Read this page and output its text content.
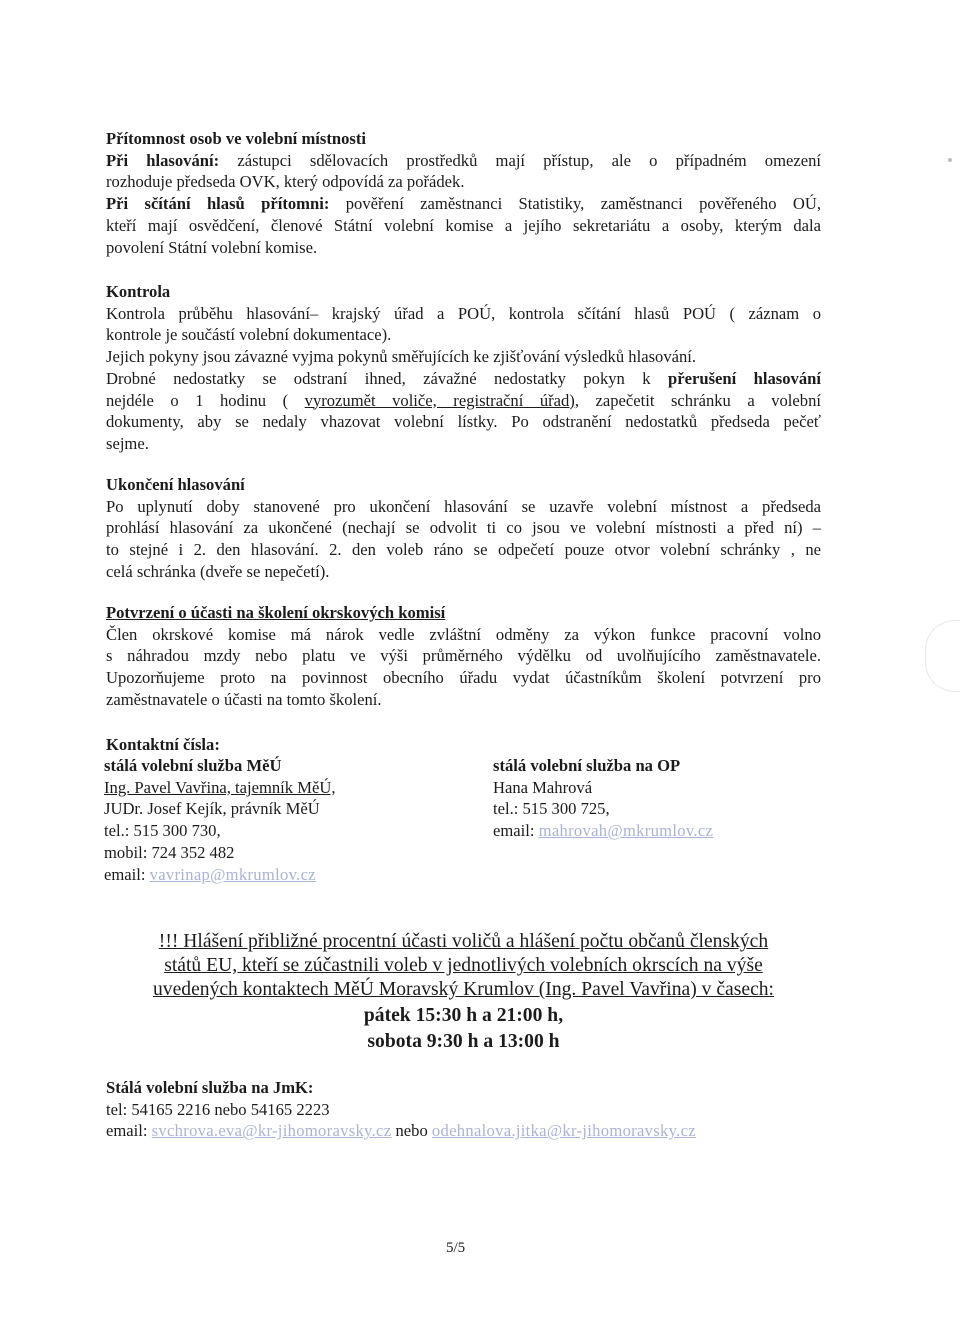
Přítomnost osob ve volební místnosti
Při hlasování: zástupci sdělovacích prostředků mají přístup, ale o případném omezení
rozhoduje předseda OVK, který odpovídá za pořádek.
Při sčítání hlasů přítomni: pověření zaměstnanci Statistiky, zaměstnanci pověřeného OÚ,
kteří mají osvědčení, členové Státní volební komise a jejího sekretariátu a osoby, kterým dala
povolení Státní volební komise.
Kontrola
Kontrola průběhu hlasování– krajský úřad a POÚ, kontrola sčítání hlasů POÚ ( záznam o
kontrole je součástí volební dokumentace).
Jejich pokyny jsou závazné vyjma pokynů směřujících ke zjišťování výsledků hlasování.
Drobné nedostatky se odstraní ihned, závažné nedostatky pokyn k přerušení hlasování
nejdéle o 1 hodinu ( vyrozumět voliče, registrační úřad), zapečetit schránku a volební
dokumenty, aby se nedaly vhazovat volební lístky. Po odstranění nedostatků předseda pečeť
sejme.
Ukončení hlasování
Po uplynutí doby stanovené pro ukončení hlasování se uzavře volební místnost a předseda
prohlásí hlasování za ukončené (nechají se odvolit ti co jsou ve volební místnosti a před ní) –
to stejné i 2. den hlasování. 2. den voleb ráno se odpečetí pouze otvor volební schránky , ne
celá schránka (dveře se nepečetí).
Potvrzení o účasti na školení okrskových komisí
Člen okrskové komise má nárok vedle zvláštní odměny za výkon funkce pracovní volno
s náhradou mzdy nebo platu ve výši průměrného výdělku od uvolňujícího zaměstnavatele.
Upozorňujeme proto na povinnost obecního úřadu vydat účastníkům školení potvrzení pro
zaměstnavatele o účasti na tomto školení.
Kontaktní čísla:
stálá volební služba MěÚ
Ing. Pavel Vavřina, tajemník MěÚ,
JUDr. Josef Kejík, právník MěÚ
tel.: 515 300 730,
mobil: 724 352 482
email: vavrinap@mkrumlov.cz
stálá volební služba na OP
Hana Mahrová
tel.: 515 300 725,
email: mahrovah@mkrumlov.cz
!!! Hlášení přibližné procentní účasti voličů a hlášení počtu občanů členských
států EU, kteří se zúčastnili voleb v jednotlivých volebních okrscích na výše
uvedených kontaktech MěÚ Moravský Krumlov (Ing. Pavel Vavřina) v časech:
pátek 15:30 h a 21:00 h,
sobota 9:30 h a 13:00 h
Stálá volební služba na JmK:
tel: 54165 2216 nebo 54165 2223
email: svchrova.eva@kr-jihomoravsky.cz nebo odehnalova.jitka@kr-jihomoravsky.cz
5/5
